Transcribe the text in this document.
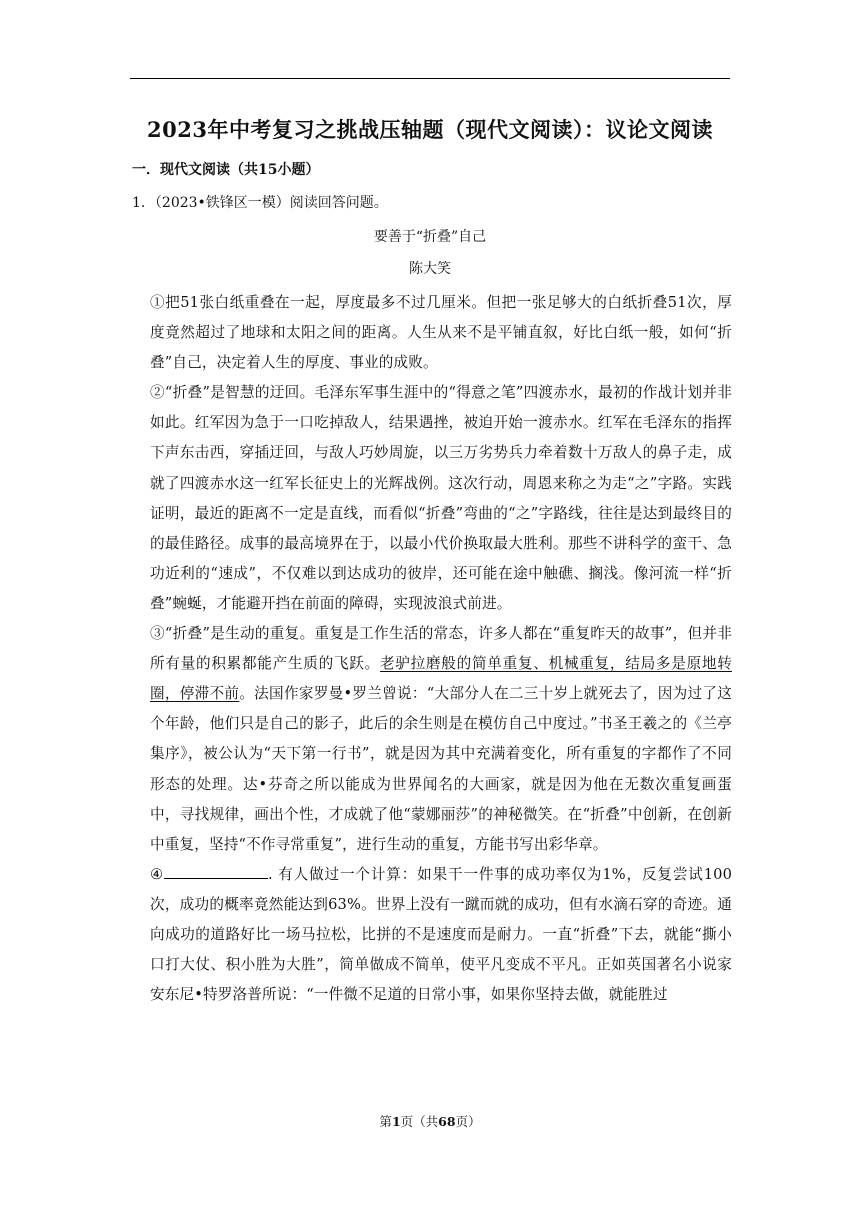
2023年中考复习之挑战压轴题（现代文阅读）：议论文阅读
一．现代文阅读（共15小题）
1．（2023•铁锋区一模）阅读回答问题。
要善于“折叠”自己
陈大笑

①把51张白纸重叠在一起，厚度最多不过几厘米。但把一张足够大的白纸折叠51次，厚度竟然超过了地球和太阳之间的距离。人生从来不是平铺直叙，好比白纸一般，如何“折叠”自己，决定着人生的厚度、事业的成败。

②“折叠”是智慧的迂回。毛泽东军事生涯中的“得意之笔”四渡赤水，最初的作战计划并非如此。红军因为急于一口吃掉敌人，结果遇挫，被迫开始一渡赤水。红军在毛泽东的指挥下声东击西，穿插迂回，与敌人巧妙周旋，以三万劣势兵力牵着数十万敌人的鼻子走，成就了四渡赤水这一红军长征史上的光辉战例。这次行动，周恩来称之为走“之”字路。实践证明，最近的距离不一定是直线，而看似“折叠”弯曲的“之”字路线，往往是达到最终目的的最佳路径。成事的最高境界在于，以最小代价换取最大胜利。那些不讲科学的蛮干、急功近利的“速成”，不仅难以到达成功的彼岸，还可能在途中触礁、搁浅。像河流一样“折叠”蜿蜒，才能避开挡在前面的障碍，实现波浪式前进。

③“折叠”是生动的重复。重复是工作生活的常态，许多人都在“重复昨天的故事”，但并非所有量的积累都能产生质的飞跃。老驴拉磨般的简单重复、机械重复，结局多是原地转圈，停滞不前。法国作家罗曼•罗兰曾说：“大部分人在二三十岁上就死去了，因为过了这个年龄，他们只是自己的影子，此后的余生则是在模仿自己中度过。”书圣王羲之的《兰亭集序》，被公认为“天下第一行书”，就是因为其中充满着变化，所有重复的字都作了不同形态的处理。达•芬奇之所以能成为世界闻名的大画家，就是因为他在无数次重复画蛋中，寻找规律，画出个性，才成就了他“蒙娜丽莎”的神秘微笑。在“折叠”中创新，在创新中重复，坚持“不作寻常重复”，进行生动的重复，方能书写出彩华章。

④	. 有人做过一个计算：如果干一件事的成功率仅为1%，反复尝试100次，成功的概率竟然能达到63%。世界上没有一蹴而就的成功，但有水滴石穿的奇迹。通向成功的道路好比一场马拉松，比拼的不是速度而是耐力。一直“折叠”下去，就能“撕小口打大仗、积小胜为大胜”，简单做成不简单，使平凡变成不平凡。正如英国著名小说家安东尼•特罗洛普所说：“一件微不足道的日常小事，如果你坚持去做，就能胜过

第1页（共68页）
